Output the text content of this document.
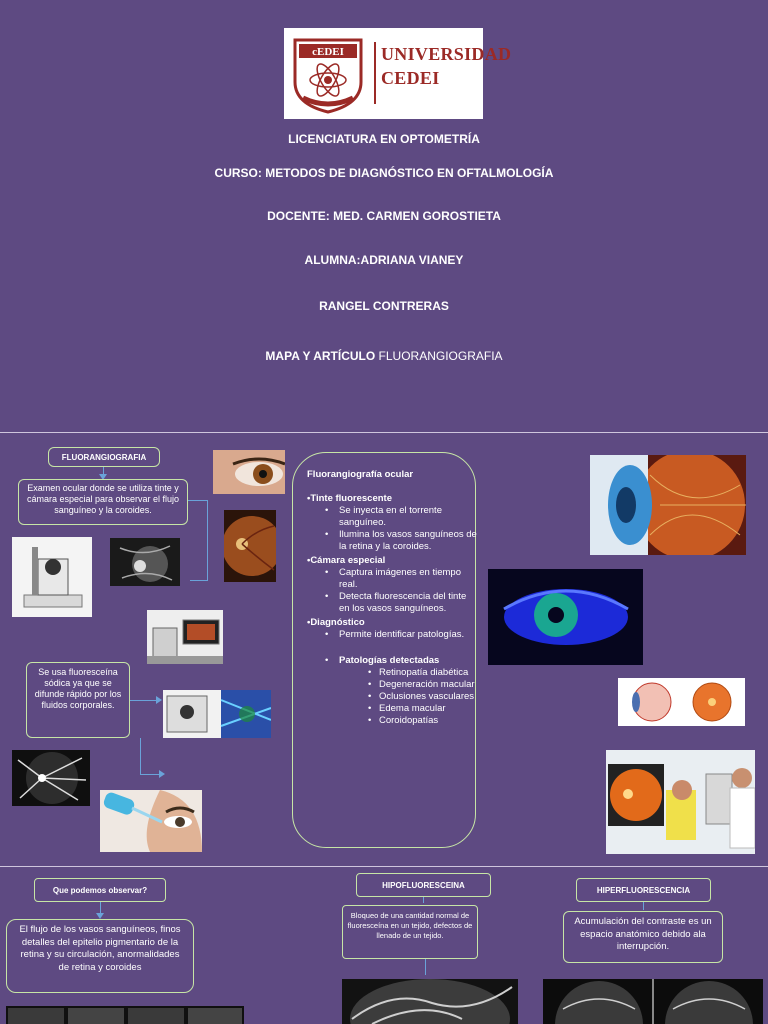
cEDEI UNIVERSIDAD
CEDEI
LICENCIATURA EN OPTOMETRÍA
CURSO: METODOS DE DIAGNÓSTICO EN OFTALMOLOGÍA
DOCENTE: MED. CARMEN GOROSTIETA
ALUMNA:ADRIANA VIANEY
RANGEL CONTRERAS
MAPA Y ARTÍCULO FLUORANGIOGRAFIA
FLUORANGIOGRAFIA
Examen ocular donde se utiliza tinte y cámara especial para observar el flujo sanguíneo y la coroides.
Se usa fluoresceína sódica ya que se difunde rápido por los fluidos corporales.
Fluorangiografía ocular
•Tinte fluorescente
• Se inyecta en el torrente sanguíneo.
• Ilumina los vasos sanguíneos de la retina y la coroides.
•Cámara especial
• Captura imágenes en tiempo real.
• Detecta fluorescencia del tinte en los vasos sanguíneos.
•Diagnóstico
• Permite identificar patologías.
• Patologías detectadas
• Retinopatía diabética
• Degeneración macular
• Oclusiones vasculares
• Edema macular
• Coroidopatías
Que podemos observar?
El flujo de los vasos sanguíneos, finos detalles del epitelio pigmentario de la retina y su circulación, anormalidades de retina y coroides
HIPOFLUORESCEINA
Bloqueo de una cantidad normal de fluoresceína en un tejido, defectos de llenado de un tejido.
HIPERFLUORESCENCIA
Acumulación del contraste es un espacio anatómico debido ala interrupción.
